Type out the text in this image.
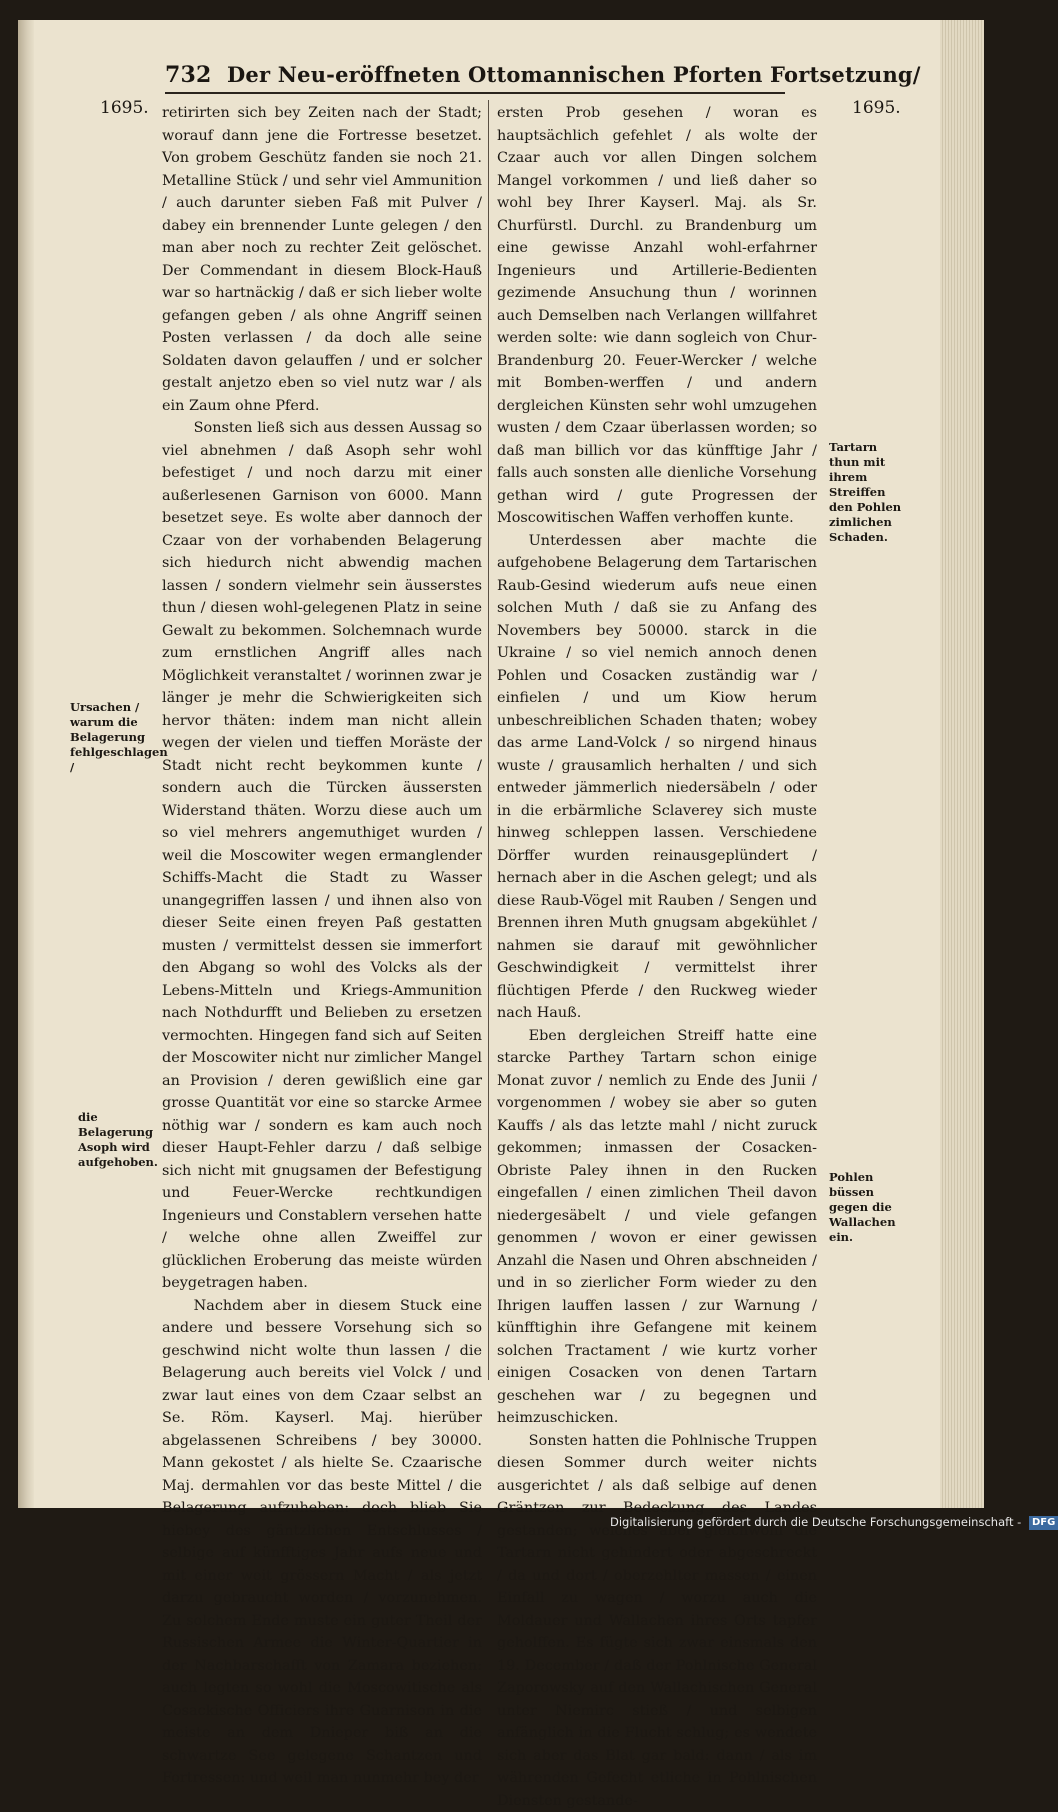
732 Der Neu-eröffneten Ottomannischen Pforten Fortsetzung/
1695.	1695.

retirirten sich bey Zeiten nach der Stadt; worauf dann jene die Fortresse besetzet. Von grobem Geschütz fanden sie noch 21. Metalline Stück / und sehr viel Ammunition / auch darunter sieben Faß mit Pulver / dabey ein brennender Lunte gelegen / den man aber noch zu rechter Zeit gelöschet. Der Commendant in diesem Block-Hauß war so hartnäckig / daß er sich lieber wolte gefangen geben / als ohne Angriff seinen Posten verlassen / da doch alle seine Soldaten davon gelauffen / und er solcher gestalt anjetzo eben so viel nutz war / als ein Zaum ohne Pferd.

Sonsten ließ sich aus dessen Aussag so viel abnehmen / daß Asoph sehr wohl befestiget / und noch darzu mit einer außerlesenen Garnison von 6000. Mann besetzet seye. Es wolte aber dannoch der Czaar von der vorhabenden Belagerung sich hiedurch nicht abwendig machen lassen / sondern vielmehr sein äusserstes thun / diesen wohl-gelegenen Platz in seine Gewalt zu bekommen. Solchemnach wurde zum ernstlichen Angriff alles nach Möglichkeit veranstaltet / worinnen zwar je länger je mehr die Schwierigkeiten sich hervor thäten: indem man nicht allein wegen der vielen und tieffen Moräste der Stadt nicht recht beykommen kunte / sondern auch die Türcken äussersten Widerstand thäten. Worzu diese auch um so viel mehrers angemuthiget wurden / weil die Moscowiter wegen ermanglender Schiffs-Macht die Stadt zu Wasser unangegriffen lassen / und ihnen also von dieser Seite einen freyen Paß gestatten musten / vermittelst dessen sie immerfort den Abgang so wohl des Volcks als der Lebens-Mitteln und Kriegs-Ammunition nach Nothdurfft und Belieben zu ersetzen vermochten. Hingegen fand sich auf Seiten der Moscowiter nicht nur zimlicher Mangel an Provision / deren gewißlich eine gar grosse Quantität vor eine so starcke Armee nöthig war / sondern es kam auch noch dieser Haupt-Fehler darzu / daß selbige sich nicht mit gnugsamen der Befestigung und Feuer-Wercke rechtkundigen Ingenieurs und Constablern versehen hatte / welche ohne allen Zweiffel zur glücklichen Eroberung das meiste würden beygetragen haben.

Nachdem aber in diesem Stuck eine andere und bessere Vorsehung sich so geschwind nicht wolte thun lassen / die Belagerung auch bereits viel Volck / und zwar laut eines von dem Czaar selbst an Se. Röm. Kayserl. Maj. hierüber abgelassenen Schreibens / bey 30000. Mann gekostet / als hielte Se. Czaarische Maj. dermahlen vor das beste Mittel / die Belagerung aufzuheben: doch blieb Sie hiebey des gäntzlichen Entschlusses / selbige auf künfftiges Jahr aufs neue und mit einer weit grössern Macht / als jetzt darzu gebraucht worden / vorzunehmen. Zu solchem Ende muste ein guter Theil der Russischen Armee die Winter-Quartier in der Nachbarschafft von Zamara beziehen: auch legten so wohl die Moscowitische als Cosackische Officiers ihre Guarnison in die meiste an dem Dnieper biß an die schwartze See gelegene Schantzen und Fortressen: und weil man nunmehr bey der

ersten Prob gesehen / woran es hauptsächlich gefehlet / als wolte der Czaar auch vor allen Dingen solchem Mangel vorkommen / und ließ daher so wohl bey Ihrer Kayserl. Maj. als Sr. Churfürstl. Durchl. zu Brandenburg um eine gewisse Anzahl wohl-erfahrner Ingenieurs und Artillerie-Bedienten gezimende Ansuchung thun / worinnen auch Demselben nach Verlangen willfahret werden solte: wie dann sogleich von Chur-Brandenburg 20. Feuer-Wercker / welche mit Bomben-werffen / und andern dergleichen Künsten sehr wohl umzugehen wusten / dem Czaar überlassen worden; so daß man billich vor das künfftige Jahr / falls auch sonsten alle dienliche Vorsehung gethan wird / gute Progressen der Moscowitischen Waffen verhoffen kunte.

Unterdessen aber machte die aufgehobene Belagerung dem Tartarischen Raub-Gesind wiederum aufs neue einen solchen Muth / daß sie zu Anfang des Novembers bey 50000. starck in die Ukraine / so viel nemich annoch denen Pohlen und Cosacken zuständig war / einfielen / und um Kiow herum unbeschreiblichen Schaden thaten; wobey das arme Land-Volck / so nirgend hinaus wuste / grausamlich herhalten / und sich entweder jämmerlich niedersäbeln / oder in die erbärmliche Sclaverey sich muste hinweg schleppen lassen. Verschiedene Dörffer wurden reinausgeplündert / hernach aber in die Aschen gelegt; und als diese Raub-Vögel mit Rauben / Sengen und Brennen ihren Muth gnugsam abgekühlet / nahmen sie darauf mit gewöhnlicher Geschwindigkeit / vermittelst ihrer flüchtigen Pferde / den Ruckweg wieder nach Hauß.

Eben dergleichen Streiff hatte eine starcke Parthey Tartarn schon einige Monat zuvor / nemlich zu Ende des Junii / vorgenommen / wobey sie aber so guten Kauffs / als das letzte mahl / nicht zuruck gekommen; inmassen der Cosacken-Obriste Paley ihnen in den Rucken eingefallen / einen zimlichen Theil davon niedergesäbelt / und viele gefangen genommen / wovon er einer gewissen Anzahl die Nasen und Ohren abschneiden / und in so zierlicher Form wieder zu den Ihrigen lauffen lassen / zur Warnung / künfftighin ihre Gefangene mit keinem solchen Tractament / wie kurtz vorher einigen Cosacken von denen Tartarn geschehen war / zu begegnen und heimzuschicken.

Sonsten hatten die Pohlnische Truppen diesen Sommer durch weiter nichts ausgerichtet / als daß selbige auf denen Gräntzen zur Bedeckung des Landes gestanden; welches aber gleichwohl die Tartarn nicht gehindert oder abgeschreckt / da und dort / oberzehlter massen / einen Einfall zu wagen / worzu auch die Moldauer und Wallachen ihres Orts tapfer geholffen. Es fügte sich zwar einsmals den 19. December / daß der Pohlnische General Zaporowsky auf den Wallachischen General unter Niemirc stieß / und selbigen anfänglich in die Flucht schlug; es wendete sich aber das Blat gar bald: dann / als im währenden Gefecht etliche in Pohlnischen Diensten gestande-

Ursachen / warum die Belagerung fehlgeschlagen /
die Belagerung Asoph wird aufgehoben.
Tartarn thun mit ihrem Streiffen den Pohlen zimlichen Schaden.
Pohlen büssen gegen die Wallachen ein.
Digitalisierung gefördert durch die Deutsche Forschungsgemeinschaft - DFG
